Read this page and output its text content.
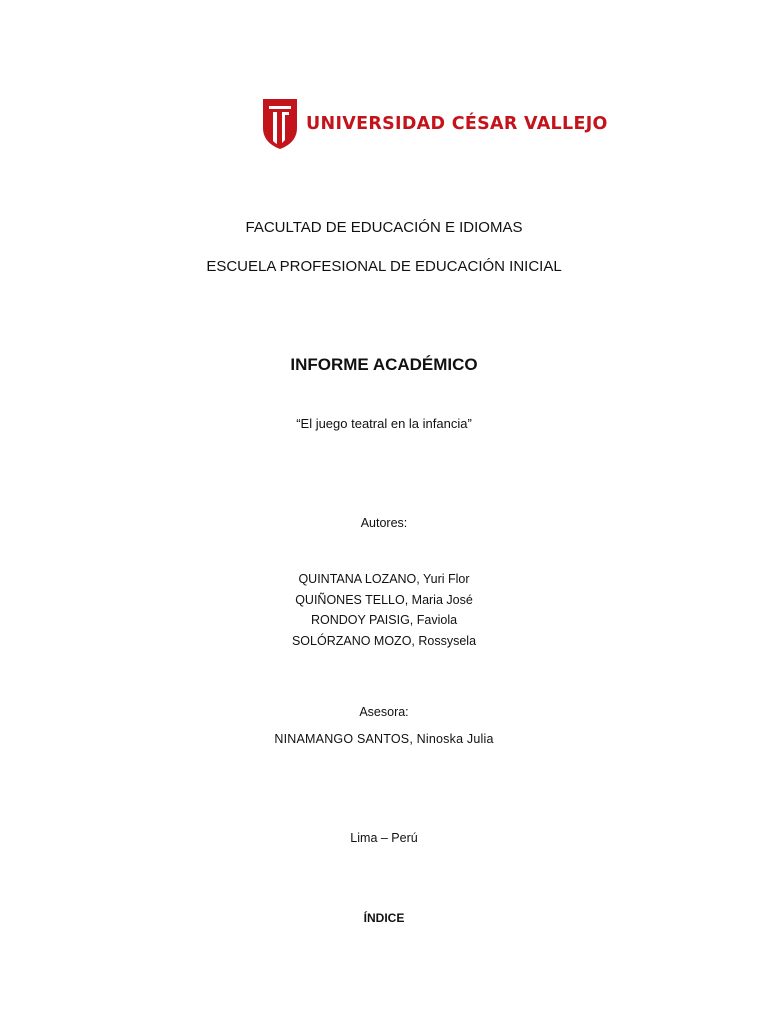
UNIVERSIDAD CÉSAR VALLEJO
FACULTAD DE EDUCACIÓN E IDIOMAS
ESCUELA PROFESIONAL DE EDUCACIÓN INICIAL
INFORME ACADÉMICO
“El juego teatral en la infancia”
Autores:
QUINTANA LOZANO, Yuri Flor
QUIÑONES TELLO, Maria José
RONDOY PAISIG, Faviola
SOLÓRZANO MOZO, Rossysela
Asesora:
NINAMANGO SANTOS, Ninoska Julia
Lima – Perú
ÍNDICE
